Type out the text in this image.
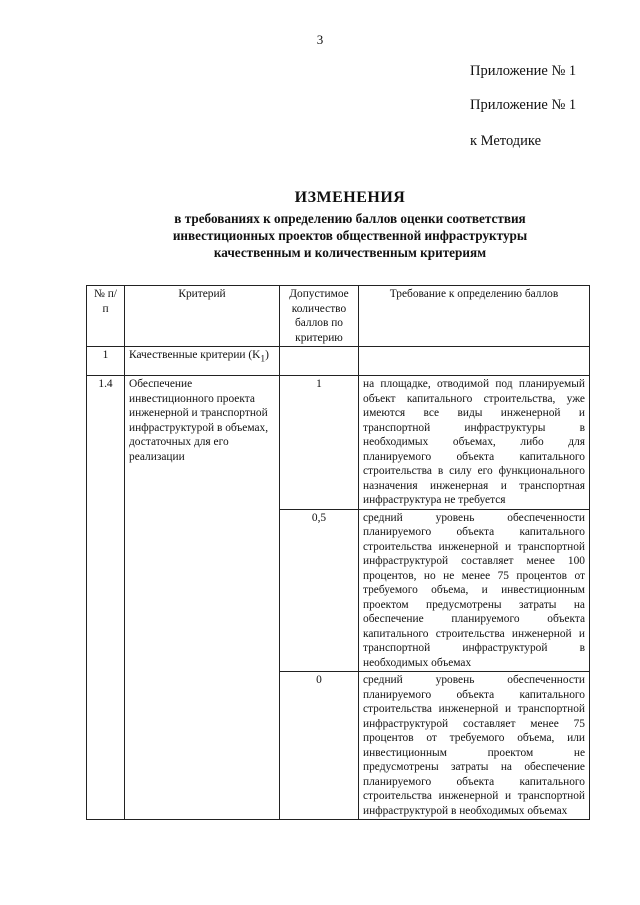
3
Приложение № 1
Приложение № 1
к Методике
ИЗМЕНЕНИЯ
в требованиях к определению баллов оценки соответствия
инвестиционных проектов общественной инфраструктуры
качественным и количественным критериям
№ п/п	Критерий	Допустимое количество баллов по критерию	Требование к определению баллов
1	Качественные критерии $(K_1)$		
1.4	Обеспечение инвестиционного проекта инженерной и транспортной инфраструктурой в объемах, достаточных для его реализации	1	на площадке, отводимой под планируемый объект капитального строительства, уже имеются все виды инженерной и транспортной инфраструктуры в необходимых объемах, либо для планируемого объекта капитального строительства в силу его функционального назначения инженерная и транспортная инфраструктура не требуется
		0,5	средний уровень обеспеченности планируемого объекта капитального строительства инженерной и транспортной инфраструктурой составляет менее 100 процентов, но не менее 75 процентов от требуемого объема, и инвестиционным проектом предусмотрены затраты на обеспечение планируемого объекта капитального строительства инженерной и транспортной инфраструктурой в необходимых объемах
		0	средний уровень обеспеченности планируемого объекта капитального строительства инженерной и транспортной инфраструктурой составляет менее 75 процентов от требуемого объема, или инвестиционным проектом не предусмотрены затраты на обеспечение планируемого объекта капитального строительства инженерной и транспортной инфраструктурой в необходимых объемах
